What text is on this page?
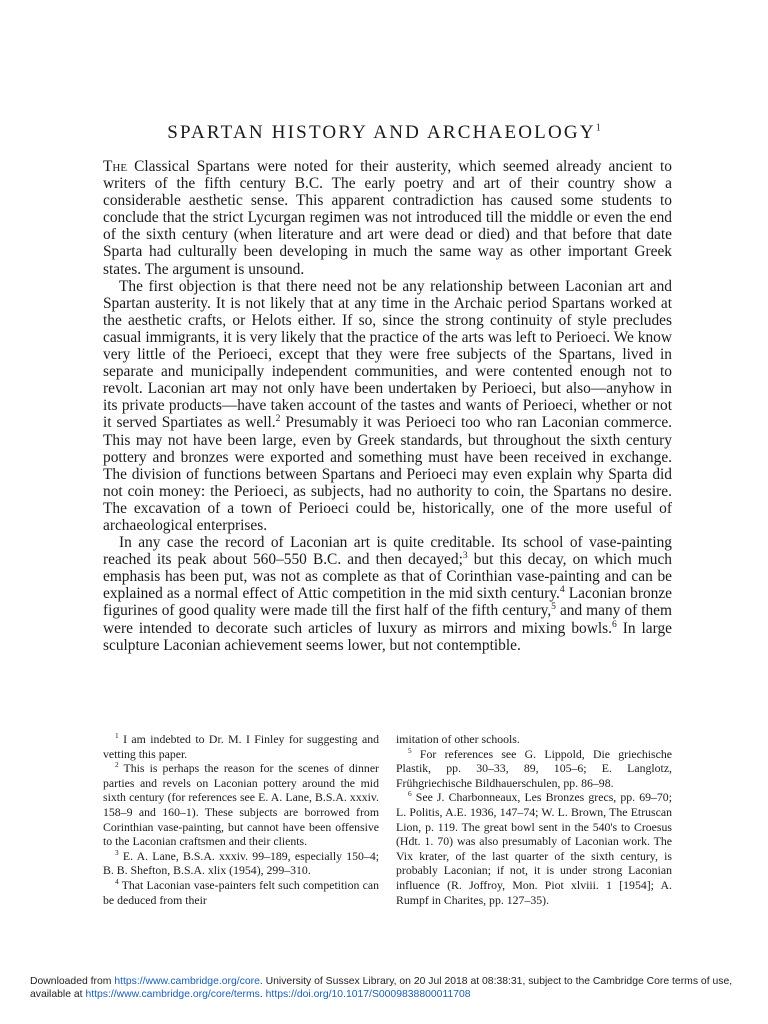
SPARTAN HISTORY AND ARCHAEOLOGY$^1$

The Classical Spartans were noted for their austerity, which seemed already ancient to writers of the fifth century B.C. The early poetry and art of their country show a considerable aesthetic sense. This apparent contradiction has caused some students to conclude that the strict Lycurgan regimen was not introduced till the middle or even the end of the sixth century (when literature and art were dead or died) and that before that date Sparta had culturally been developing in much the same way as other important Greek states. The argument is unsound.

The first objection is that there need not be any relationship between Laconian art and Spartan austerity. It is not likely that at any time in the Archaic period Spartans worked at the aesthetic crafts, or Helots either. If so, since the strong continuity of style precludes casual immigrants, it is very likely that the practice of the arts was left to Perioeci. We know very little of the Perioeci, except that they were free subjects of the Spartans, lived in separate and municipally independent communities, and were contented enough not to revolt. Laconian art may not only have been undertaken by Perioeci, but also—anyhow in its private products—have taken account of the tastes and wants of Perioeci, whether or not it served Spartiates as well.$^2$ Presumably it was Perioeci too who ran Laconian commerce. This may not have been large, even by Greek standards, but throughout the sixth century pottery and bronzes were exported and something must have been received in exchange. The division of functions between Spartans and Perioeci may even explain why Sparta did not coin money: the Perioeci, as subjects, had no authority to coin, the Spartans no desire. The excavation of a town of Perioeci could be, historically, one of the more useful of archaeological enterprises.

In any case the record of Laconian art is quite creditable. Its school of vase-painting reached its peak about 560–550 B.C. and then decayed;$^3$ but this decay, on which much emphasis has been put, was not as complete as that of Corinthian vase-painting and can be explained as a normal effect of Attic competition in the mid sixth century.$^4$ Laconian bronze figurines of good quality were made till the first half of the fifth century,$^5$ and many of them were intended to decorate such articles of luxury as mirrors and mixing bowls.$^6$ In large sculpture Laconian achievement seems lower, but not contemptible.

$^1$ I am indebted to Dr. M. I Finley for suggesting and vetting this paper.

$^2$ This is perhaps the reason for the scenes of dinner parties and revels on Laconian pottery around the mid sixth century (for references see E. A. Lane, B.S.A. xxxiv. 158–9 and 160–1). These subjects are borrowed from Corinthian vase-painting, but cannot have been offensive to the Laconian craftsmen and their clients.

$^3$ E. A. Lane, B.S.A. xxxiv. 99–189, especially 150–4; B. B. Shefton, B.S.A. xlix (1954), 299–310.

$^4$ That Laconian vase-painters felt such competition can be deduced from their

imitation of other schools.

$^5$ For references see G. Lippold, Die griechische Plastik, pp. 30–33, 89, 105–6; E. Langlotz, Frühgriechische Bildhauerschulen, pp. 86–98.

$^6$ See J. Charbonneaux, Les Bronzes grecs, pp. 69–70; L. Politis, A.E. 1936, 147–74; W. L. Brown, The Etruscan Lion, p. 119. The great bowl sent in the 540's to Croesus (Hdt. 1. 70) was also presumably of Laconian work. The Vix krater, of the last quarter of the sixth century, is probably Laconian; if not, it is under strong Laconian influence (R. Joffroy, Mon. Piot xlviii. 1 [1954]; A. Rumpf in Charites, pp. 127–35).

Downloaded from https://www.cambridge.org/core. University of Sussex Library, on 20 Jul 2018 at 08:38:31, subject to the Cambridge Core terms of use, available at https://www.cambridge.org/core/terms. https://doi.org/10.1017/S0009838800011708
